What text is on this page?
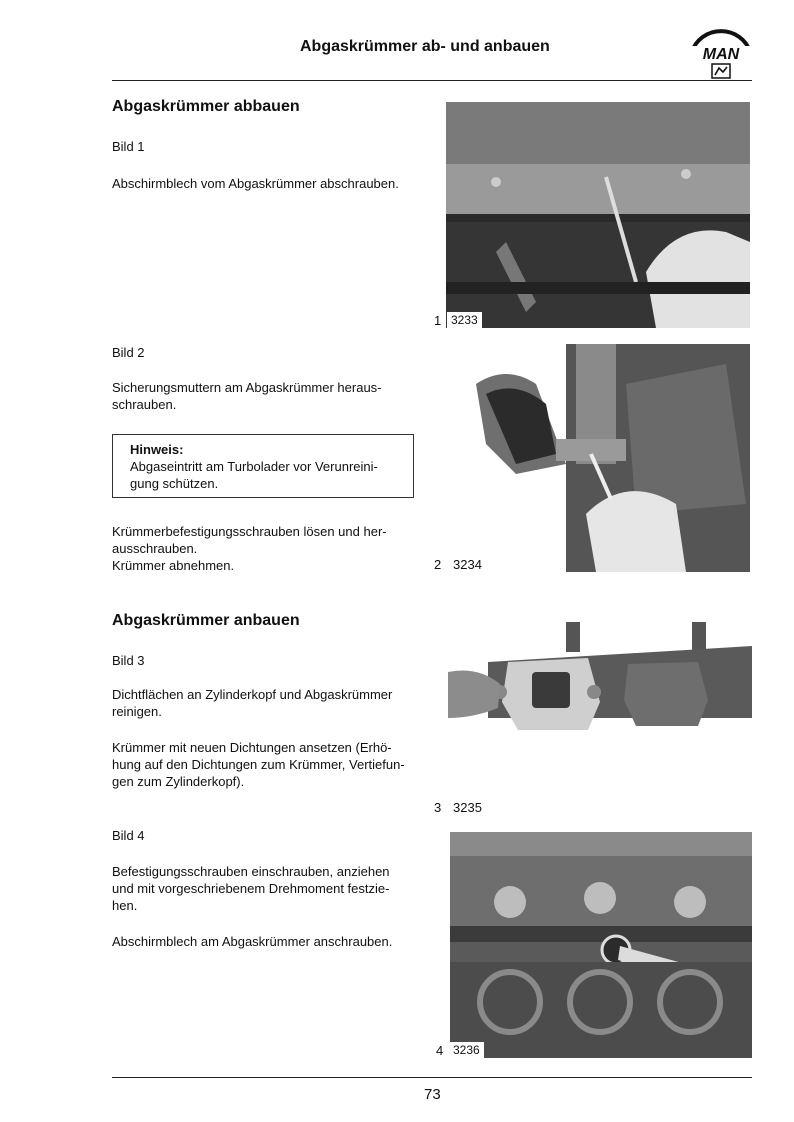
Abgaskrümmer ab- und anbauen	MAN
Abgaskrümmer abbauen
Bild 1
Abschirmblech vom Abgaskrümmer abschrauben.
Bild 2
Sicherungsmuttern am Abgaskrümmer heraus-
schrauben.
Hinweis:
Abgaseintritt am Turbolader vor Verunreini-
gung schützen.
Krümmerbefestigungsschrauben lösen und her-
ausschrauben.
Krümmer abnehmen.
Abgaskrümmer anbauen
Bild 3
Dichtflächen an Zylinderkopf und Abgaskrümmer
reinigen.
Krümmer mit neuen Dichtungen ansetzen (Erhö-
hung auf den Dichtungen zum Krümmer, Vertiefun-
gen zum Zylinderkopf).
Bild 4
Befestigungsschrauben einschrauben, anziehen
und mit vorgeschriebenem Drehmoment festzie-
hen.
Abschirmblech am Abgaskrümmer anschrauben.
1 3233
2 3234
3 3235
4 3236
73
